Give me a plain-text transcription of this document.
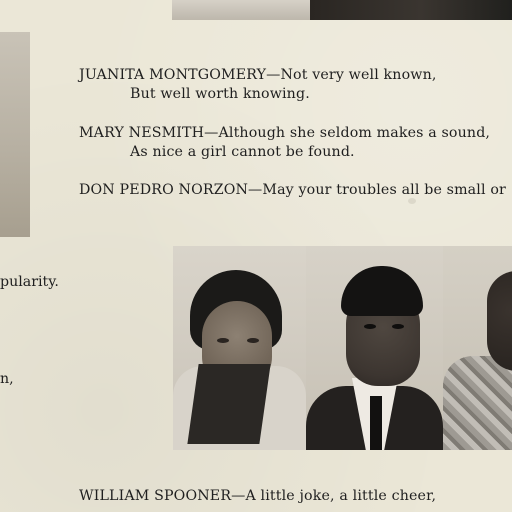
JUANITA MONTGOMERY—Not very well known,
But well worth knowing.
MARY NESMITH—Although she seldom makes a sound,
As nice a girl cannot be found.
DON PEDRO NORZON—May your troubles all be small or
pularity.
n,
WILLIAM SPOONER—A little joke, a little cheer,
